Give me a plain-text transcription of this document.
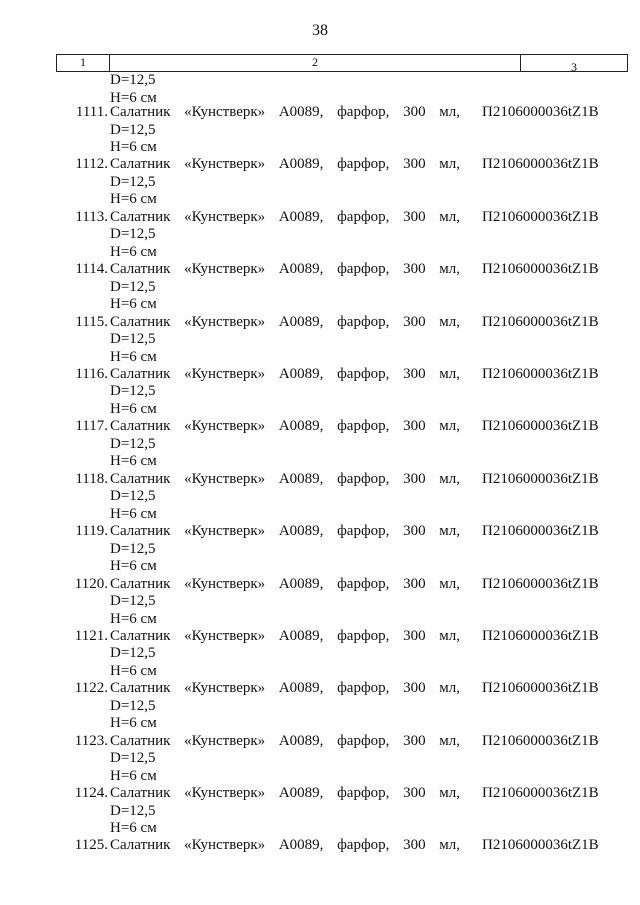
38
1	2	3
D=12,5
H=6 см
1111. Салатник «Кунстверк» А0089, фарфор, 300 мл,
D=12,5
H=6 см
П2106000036tZ1B
1112. Салатник «Кунстверк» А0089, фарфор, 300 мл,
D=12,5
H=6 см
П2106000036tZ1B
1113. Салатник «Кунстверк» А0089, фарфор, 300 мл,
D=12,5
H=6 см
П2106000036tZ1B
1114. Салатник «Кунстверк» А0089, фарфор, 300 мл,
D=12,5
H=6 см
П2106000036tZ1B
1115. Салатник «Кунстверк» А0089, фарфор, 300 мл,
D=12,5
H=6 см
П2106000036tZ1B
1116. Салатник «Кунстверк» А0089, фарфор, 300 мл,
D=12,5
H=6 см
П2106000036tZ1B
1117. Салатник «Кунстверк» А0089, фарфор, 300 мл,
D=12,5
H=6 см
П2106000036tZ1B
1118. Салатник «Кунстверк» А0089, фарфор, 300 мл,
D=12,5
H=6 см
П2106000036tZ1B
1119. Салатник «Кунстверк» А0089, фарфор, 300 мл,
D=12,5
H=6 см
П2106000036tZ1B
1120. Салатник «Кунстверк» А0089, фарфор, 300 мл,
D=12,5
H=6 см
П2106000036tZ1B
1121. Салатник «Кунстверк» А0089, фарфор, 300 мл,
D=12,5
H=6 см
П2106000036tZ1B
1122. Салатник «Кунстверк» А0089, фарфор, 300 мл,
D=12,5
H=6 см
П2106000036tZ1B
1123. Салатник «Кунстверк» А0089, фарфор, 300 мл,
D=12,5
H=6 см
П2106000036tZ1B
1124. Салатник «Кунстверк» А0089, фарфор, 300 мл,
D=12,5
H=6 см
П2106000036tZ1B
1125. Салатник «Кунстверк» А0089, фарфор, 300 мл, П2106000036tZ1B
